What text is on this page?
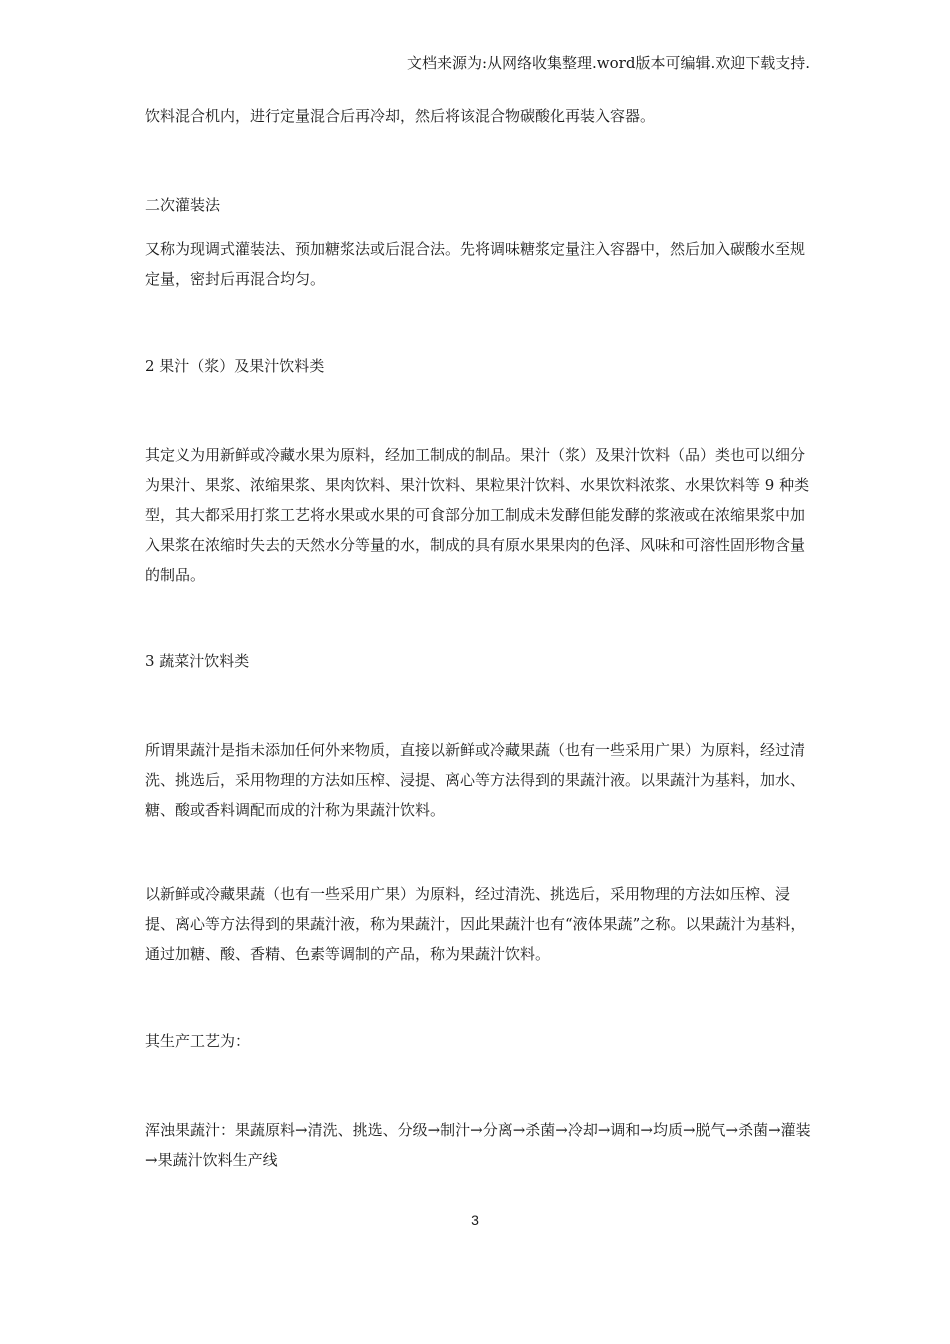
文档来源为:从网络收集整理.word版本可编辑.欢迎下载支持.

饮料混合机内，进行定量混合后再冷却，然后将该混合物碳酸化再装入容器。

二次灌装法

又称为现调式灌装法、预加糖浆法或后混合法。先将调味糖浆定量注入容器中，然后加入碳酸水至规定量，密封后再混合均匀。

2 果汁（浆）及果汁饮料类

其定义为用新鲜或冷藏水果为原料，经加工制成的制品。果汁（浆）及果汁饮料（品）类也可以细分为果汁、果浆、浓缩果浆、果肉饮料、果汁饮料、果粒果汁饮料、水果饮料浓浆、水果饮料等 9 种类型，其大都采用打浆工艺将水果或水果的可食部分加工制成未发酵但能发酵的浆液或在浓缩果浆中加入果浆在浓缩时失去的天然水分等量的水，制成的具有原水果果肉的色泽、风味和可溶性固形物含量的制品。

3 蔬菜汁饮料类

所谓果蔬汁是指未添加任何外来物质，直接以新鲜或冷藏果蔬（也有一些采用广果）为原料，经过清洗、挑选后，采用物理的方法如压榨、浸提、离心等方法得到的果蔬汁液。以果蔬汁为基料，加水、糖、酸或香料调配而成的汁称为果蔬汁饮料。

以新鲜或冷藏果蔬（也有一些采用广果）为原料，经过清洗、挑选后，采用物理的方法如压榨、浸提、离心等方法得到的果蔬汁液，称为果蔬汁，因此果蔬汁也有“液体果蔬”之称。以果蔬汁为基料，通过加糖、酸、香精、色素等调制的产品，称为果蔬汁饮料。

其生产工艺为：

浑浊果蔬汁：果蔬原料→清洗、挑选、分级→制汁→分离→杀菌→冷却→调和→均质→脱气→杀菌→灌装→果蔬汁饮料生产线

3
